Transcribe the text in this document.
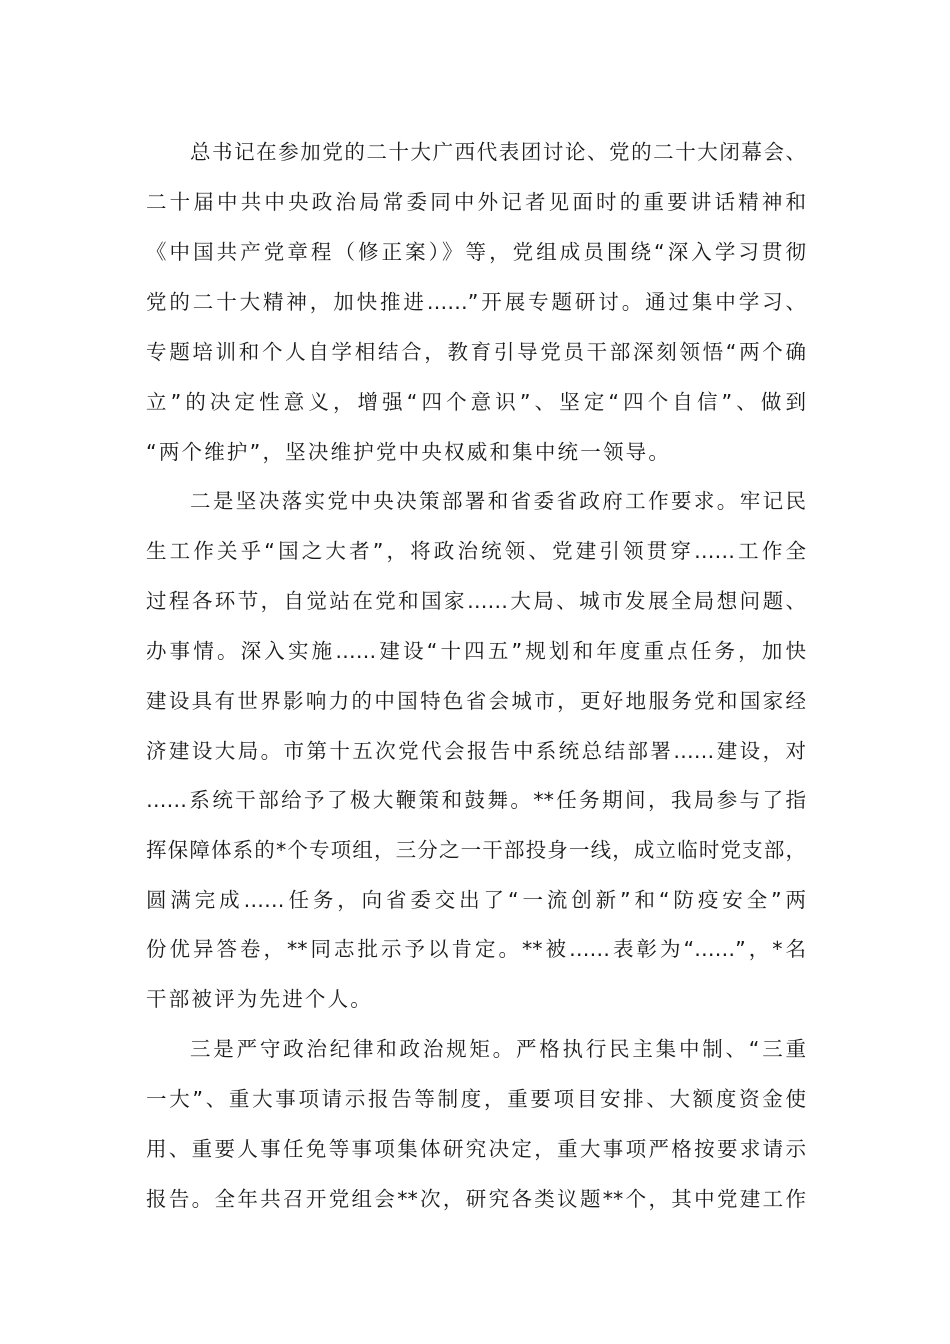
总书记在参加党的二十大广西代表团讨论、党的二十大闭幕会、
二十届中共中央政治局常委同中外记者见面时的重要讲话精神和
《中国共产党章程（修正案）》等，党组成员围绕“深入学习贯彻
党的二十大精神，加快推进……”开展专题研讨。通过集中学习、
专题培训和个人自学相结合，教育引导党员干部深刻领悟“两个确
立”的决定性意义，增强“四个意识”、坚定“四个自信”、做到
“两个维护”，坚决维护党中央权威和集中统一领导。
二是坚决落实党中央决策部署和省委省政府工作要求。牢记民
生工作关乎“国之大者”，将政治统领、党建引领贯穿……工作全
过程各环节，自觉站在党和国家……大局、城市发展全局想问题、
办事情。深入实施……建设“十四五”规划和年度重点任务，加快
建设具有世界影响力的中国特色省会城市，更好地服务党和国家经
济建设大局。市第十五次党代会报告中系统总结部署……建设，对
……系统干部给予了极大鞭策和鼓舞。**任务期间，我局参与了指
挥保障体系的*个专项组，三分之一干部投身一线，成立临时党支部，
圆满完成……任务，向省委交出了“一流创新”和“防疫安全”两
份优异答卷，**同志批示予以肯定。**被……表彰为“……”，*名
干部被评为先进个人。
三是严守政治纪律和政治规矩。严格执行民主集中制、“三重
一大”、重大事项请示报告等制度，重要项目安排、大额度资金使
用、重要人事任免等事项集体研究决定，重大事项严格按要求请示
报告。全年共召开党组会**次，研究各类议题**个，其中党建工作
